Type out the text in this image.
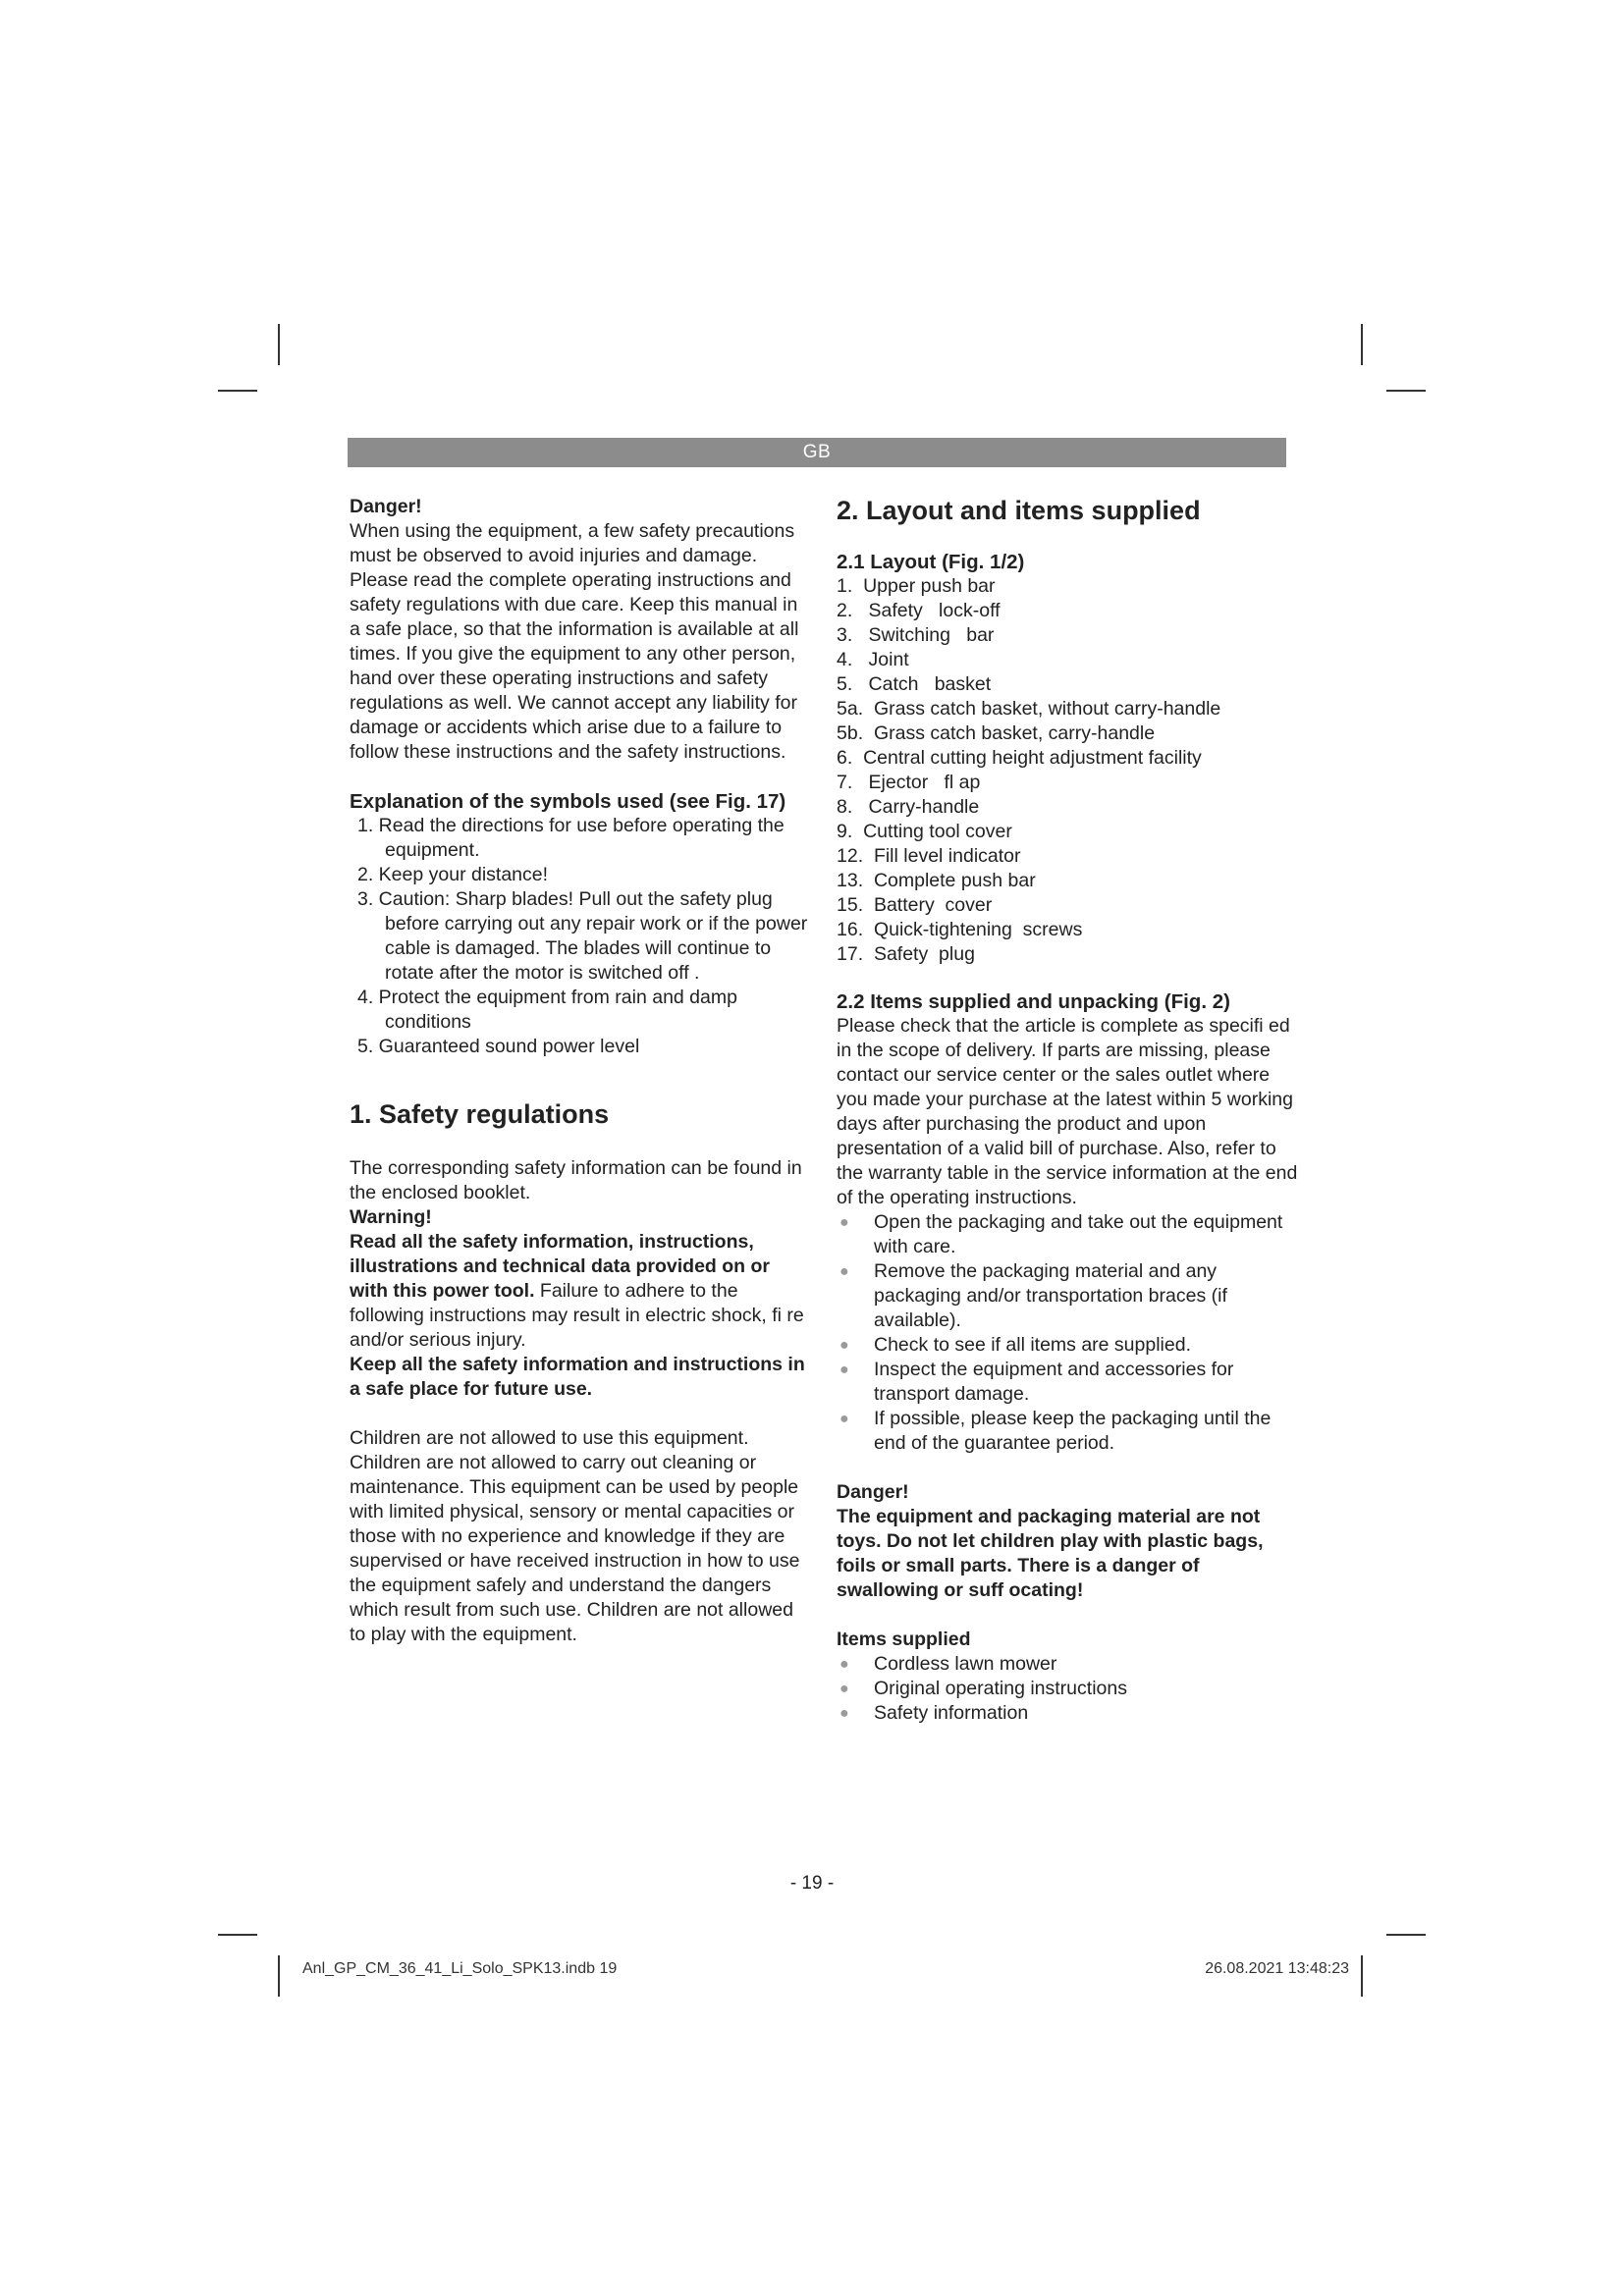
GB

Danger!

When using the equipment, a few safety precautions must be observed to avoid injuries and damage. Please read the complete operating instructions and safety regulations with due care. Keep this manual in a safe place, so that the information is available at all times. If you give the equipment to any other person, hand over these operating instructions and safety regulations as well. We cannot accept any liability for damage or accidents which arise due to a failure to follow these instructions and the safety instructions.

Explanation of the symbols used (see Fig. 17)

1. Read the directions for use before operating the equipment.
2. Keep your distance!
3. Caution: Sharp blades! Pull out the safety plug before carrying out any repair work or if the power cable is damaged. The blades will continue to rotate after the motor is switched off .
4. Protect the equipment from rain and damp conditions
5. Guaranteed sound power level

1. Safety regulations

The corresponding safety information can be found in the enclosed booklet.

Warning!

Read all the safety information, instructions, illustrations and technical data provided on or with this power tool. Failure to adhere to the following instructions may result in electric shock, fi re and/or serious injury.

Keep all the safety information and instructions in a safe place for future use.

Children are not allowed to use this equipment. Children are not allowed to carry out cleaning or maintenance. This equipment can be used by people with limited physical, sensory or mental capacities or those with no experience and knowledge if they are supervised or have received instruction in how to use the equipment safely and understand the dangers which result from such use. Children are not allowed to play with the equipment.

2. Layout and items supplied

2.1 Layout (Fig. 1/2)

1.  Upper push bar
2.   Safety   lock-off
3.   Switching   bar
4.   Joint
5.   Catch   basket
5a.  Grass catch basket, without carry-handle
5b.  Grass catch basket, carry-handle
6.  Central cutting height adjustment facility
7.   Ejector   fl ap
8.   Carry-handle
9.  Cutting tool cover
12.  Fill level indicator
13.  Complete push bar
15.  Battery  cover
16.  Quick-tightening  screws
17.  Safety  plug

2.2 Items supplied and unpacking (Fig. 2)

Please check that the article is complete as specifi ed in the scope of delivery. If parts are missing, please contact our service center or the sales outlet where you made your purchase at the latest within 5 working days after purchasing the product and upon presentation of a valid bill of purchase. Also, refer to the warranty table in the service information at the end of the operating instructions.

● Open the packaging and take out the equipment with care.
● Remove the packaging material and any packaging and/or transportation braces (if available).
● Check to see if all items are supplied.
● Inspect the equipment and accessories for transport damage.
● If possible, please keep the packaging until the end of the guarantee period.

Danger!

The equipment and packaging material are not toys. Do not let children play with plastic bags, foils or small parts. There is a danger of swallowing or suff ocating!

Items supplied

● Cordless lawn mower
● Original operating instructions
● Safety information
- 19 -
Anl_GP_CM_36_41_Li_Solo_SPK13.indb 19	26.08.2021 13:48:23
